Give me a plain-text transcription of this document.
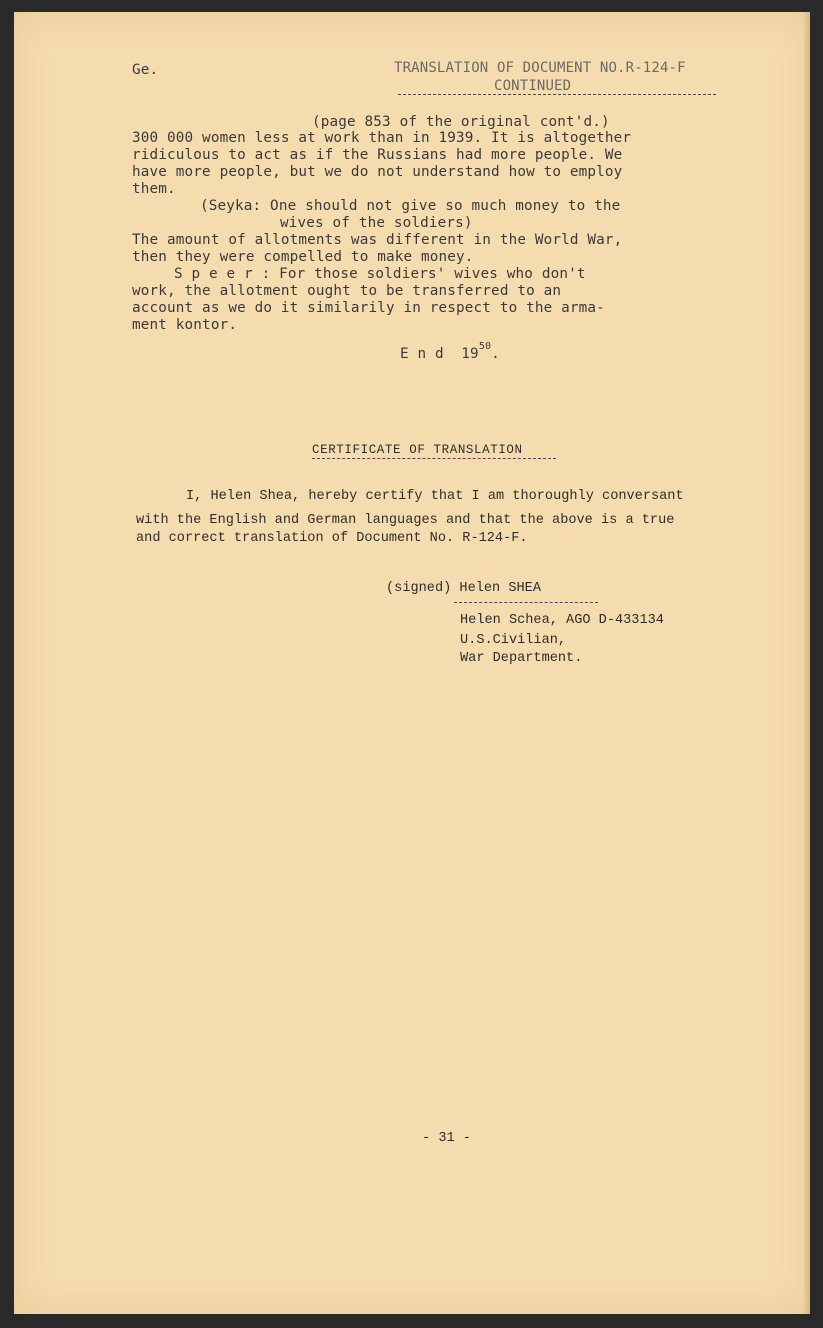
Ge.	TRANSLATION OF DOCUMENT NO.R-124-F
CONTINUED
(page 853 of the original cont'd.)
300 000 women less at work than in 1939. It is altogether
ridiculous to act as if the Russians had more people. We
have more people, but we do not understand how to employ
them.
(Seyka: One should not give so much money to the
wives of the soldiers)
The amount of allotments was different in the World War,
then they were compelled to make money.
S p e e r : For those soldiers' wives who don't
work, the allotment ought to be transferred to an
account as we do it similarily in respect to the arma-
ment kontor.
E n d  $19^{50}$.
CERTIFICATE OF TRANSLATION
I, Helen Shea, hereby certify that I am thoroughly conversant
with the English and German languages and that the above is a true
and correct translation of Document No. R-124-F.
(signed) Helen SHEA
Helen Schea, AGO D-433134
U.S.Civilian,
War Department.
- 31 -
